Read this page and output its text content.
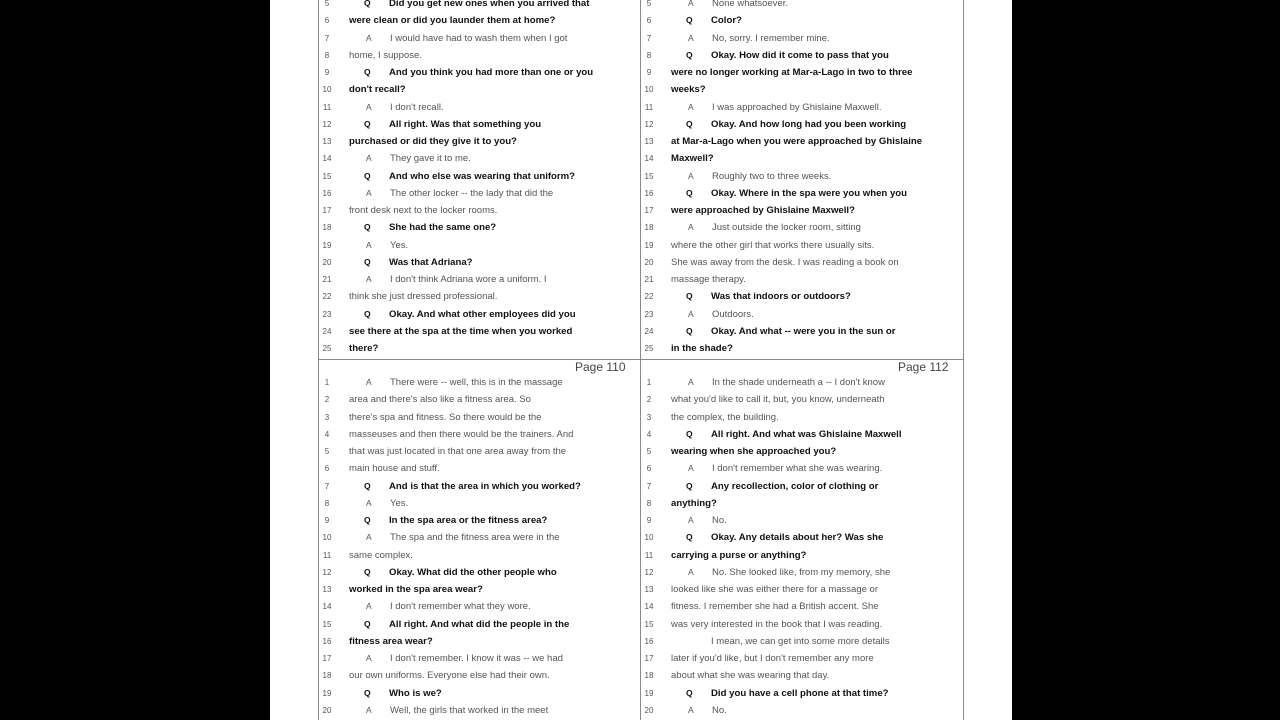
5	Q Did you get new ones when you arrived that
6	were clean or did you launder them at home?
7	A I would have had to wash them when I got
8	home, I suppose.
9	Q And you think you had more than one or you
10	don't recall?
11	A I don't recall.
12	Q All right. Was that something you
13	purchased or did they give it to you?
14	A They gave it to me.
15	Q And who else was wearing that uniform?
16	A The other locker -- the lady that did the
17	front desk next to the locker rooms.
18	Q She had the same one?
19	A Yes.
20	Q Was that Adriana?
21	A I don't think Adriana wore a uniform. I
22	think she just dressed professional.
23	Q Okay. And what other employees did you
24	see there at the spa at the time when you worked
25	there?
5	A None whatsoever.
6	Q Color?
7	A No, sorry. I remember mine.
8	Q Okay. How did it come to pass that you
9	were no longer working at Mar-a-Lago in two to three
10	weeks?
11	A I was approached by Ghislaine Maxwell.
12	Q Okay. And how long had you been working
13	at Mar-a-Lago when you were approached by Ghislaine
14	Maxwell?
15	A Roughly two to three weeks.
16	Q Okay. Where in the spa were you when you
17	were approached by Ghislaine Maxwell?
18	A Just outside the locker room, sitting
19	where the other girl that works there usually sits.
20	She was away from the desk. I was reading a book on
21	massage therapy.
22	Q Was that indoors or outdoors?
23	A Outdoors.
24	Q Okay. And what -- were you in the sun or
25	in the shade?
1	A There were -- well, this is in the massage
2	area and there's also like a fitness area. So
3	there's spa and fitness. So there would be the
4	masseuses and then there would be the trainers. And
5	that was just located in that one area away from the
6	main house and stuff.
7	Q And is that the area in which you worked?
8	A Yes.
9	Q In the spa area or the fitness area?
10	A The spa and the fitness area were in the
11	same complex.
12	Q Okay. What did the other people who
13	worked in the spa area wear?
14	A I don't remember what they wore.
15	Q All right. And what did the people in the
16	fitness area wear?
17	A I don't remember. I know it was -- we had
18	our own uniforms. Everyone else had their own.
19	Q Who is we?
20	A Well, the girls that worked in the meet
1	A In the shade underneath a -- I don't know
2	what you'd like to call it, but, you know, underneath
3	the complex, the building.
4	Q All right. And what was Ghislaine Maxwell
5	wearing when she approached you?
6	A I don't remember what she was wearing.
7	Q Any recollection, color of clothing or
8	anything?
9	A No.
10	Q Okay. Any details about her? Was she
11	carrying a purse or anything?
12	A No. She looked like, from my memory, she
13	looked like she was either there for a massage or
14	fitness. I remember she had a British accent. She
15	was very interested in the book that I was reading.
16	I mean, we can get into some more details
17	later if you'd like, but I don't remember any more
18	about what she was wearing that day.
19	Q Did you have a cell phone at that time?
20	A No.
Page 110	Page 112
